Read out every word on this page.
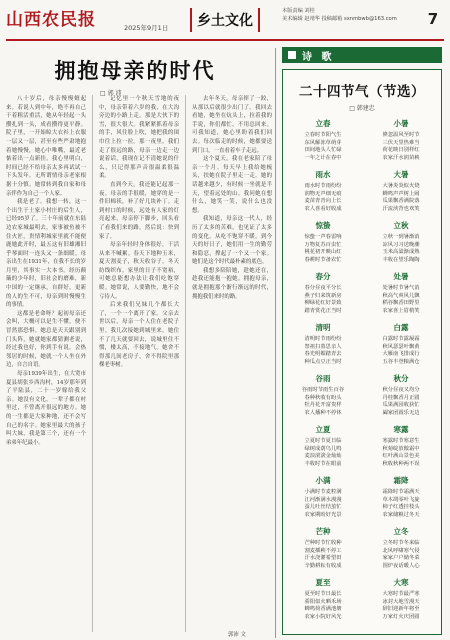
山西农民报	2025年9月1日	乡土文化
本版责编 刘桂
美术编辑 赵靖华 投稿邮箱 sxnmbwb@163.com 7
拥抱母亲的时代
□ 郭 沛

八十岁后，母亲慢慢嬗起来。若说人到中年，绝不再自己干着粗活重活，她从年轻起一头攒扎到一头，成看攒得更平静。院子里，一开始晾大衣衫上衣服一层又一层，甚至有些严肃地抱着她慢慢，她心中唯嘴，最近老惦着出一点新挂。我心里明白，时间已经不给母亲太多再试试一下头发年。无所谓情母亲老家根据十分慎。她常转到我自家和母亲伴作为自己一个人家。

我是老了。我想一转，这一个出生于土家小村庄的后生人，已经95岁了。三十年前就在东陆边农家城最明去，家事被鱼被不住火匠，贵情利城家里就不能便鹿她此开时，最五这有旧雄湘旧乎琴面时一连头又一条细暖。母亲出生在1931年，在我不长的岁月里，其事实一大本书。经历颠簸的少年时，旧社会的磨难，新中国的一定继承，自群好，更新的人的生不可，母亲到时慢慢生的事情。

这都是老命呀？起初母亲还会叫，大概可以是生不懂，便不冒然那恐惧。她总是天天跟别到门头阵，她就她家都猜测老说，经过我也好，你到手有说。会热邻居的时候，她就一个人坐在外边，自言自语。

母亲1939年出生，在大宽市夏县胡张乡西沟村，14岁那年到了平陆县，二十一岁嫁给我父亲。她没有文化，一辈子都在村里过，不曾离开很远的地方。她的一生都是大家种地，还不会写自己的名字。她家里最大的孩子叫大妹，我是第三个，还有一个弟弟年纪最小。

记忆里一个秋天雪地的夜中，母亲带着六岁的我，在大沟旁边的小路上走。那是大伙下的雪，很大很大。我紧紧抓着母亲的手，风往脸上吹，她把我的围巾往上拉一拉。那一夜里，我们走了很远的路，母亲一边走一边说着话，我现在记不清她说的什么，只记得那声音很温柔很温柔。

直到今天，我还能记起那一夜。母亲的手很暖，她穿的是一件旧棉袄，补了好几块补丁。走到村口的时候，远处有人家的灯亮起来，母亲停下脚步，回头看了看我们来的路，然后说：快到家了。

母亲年轻时身体很好，干活从来不喊累。春天下地种玉米，夏天割麦子，秋天收谷子，冬天纺线织布。家里的日子不宽裕，可她总能想办法让我们吃饱穿暖。她常说，人要勤快，地不会亏待人。

后来我们兄妹几个都长大了，一个一个离开了家。父亲去世以后，母亲一个人住在老院子里。我几次接她到城里来，她住不了几天就要回去，说城里住不惯，楼太高，不接地气。她舍不得那几间老房子，舍不得院里那棵老枣树。

去年冬天，母亲摔了一跤，从那以后就很少出门了。我回去看她，她坐在炕头上，拉着我的手说，你们都忙，不用总回来。可我知道，她心里盼着我们回去。每次临走的时候，她都要送到门口，一直看着车子走远。

这个夏天，我在老家陪了母亲一个月。每天早上我给她梳头，扶她在院子里走一走。她的话越来越少，有时候一坐就是半天，望着远处的山。我问她在想什么，她笑一笑，说什么也没想。

我知道，母亲这一代人，经历了太多的苦难，也见证了太多的变化。从吃不饱穿不暖，到今天的好日子，她们用一生的勤劳和隐忍，撑起了一个又一个家。她们是这个时代最朴素的底色。

我想多陪陪她，趁她还在，趁我还能抱一抱她。拥抱母亲，就是拥抱那个渐行渐远的时代，拥抱我们来时的路。

郭沛 文
诗 歌
二十四节气（节选）
□ 韩建忠
立春
立春时节阳气生
东风解冻草萌芽
田间地头人忙碌
一年之计在春中
小暑
倏忽温风至时节
三伏天里热难当
荷花映日别样红
农家汗水润苗秧
雨水
雨水时节雨纷纷
润物无声细无痕
麦苗青青向上长
农人喜看好收成
大暑
大暑炎炎似火烧
蝉鸣声声树上闹
瓜果飘香满院落
汗流浃背也欢笑
惊蛰
惊蛰一声春雷响
万物复苏百虫忙
桃花初开映山红
春耕时节备农忙
立秋
立秋一到暑渐消
凉风习习送晚潮
玉米高粱渐成熟
丰收在望乐陶陶
春分
春分昼夜平分长
燕子归来筑新房
柳绿花红好景致
踏青赏花正当时
处暑
处暑时节暑气消
秋高气爽风儿飘
稻谷飘香田野里
农家喜上眉梢笑
清明
清明时节雨纷纷
祭祖扫墓思亲人
春光明媚踏青去
种瓜点豆正当时
白露
白露时节露凝霜
秋风瑟瑟叶飘黄
大雁南飞排成行
五谷丰登粮满仓
谷雨
谷雨时节雨生百谷
春种秋收有盼头
牡丹花开富贵样
农人播种不停休
秋分
秋分昼夜又均分
丹桂飘香月正圆
瓜果满园收获忙
阖家团圆乐无边
立夏
立夏时节夏日临
绿树成荫鸟儿鸣
麦浪滚滚金灿灿
丰收时节在眼前
寒露
寒露时节寒意生
秋菊绽放傲霜中
红叶满山景色美
秋收秋种两不误
小满
小满时节麦粒满
江河渐满水漫漫
蚕儿吐丝结茧忙
农家期盼好光景
霜降
霜降时节霜满天
草木凋零叶飞旋
柿子红透挂枝头
农家储粮过冬天
芒种
芒种时节忙收种
割麦插秧不停工
汗水浇灌希望田
辛勤耕耘有收成
立冬
立冬时节冬来临
北风呼啸寒气侵
家家户户储冬菜
围炉夜话暖人心
夏至
夏至时节日最长
骄阳似火晒禾场
蝉鸣荷香满池塘
农家小院好风光
大寒
大寒时节最严寒
冰封大地雪漫天
辞旧迎新年将至
万家灯火庆团圆
